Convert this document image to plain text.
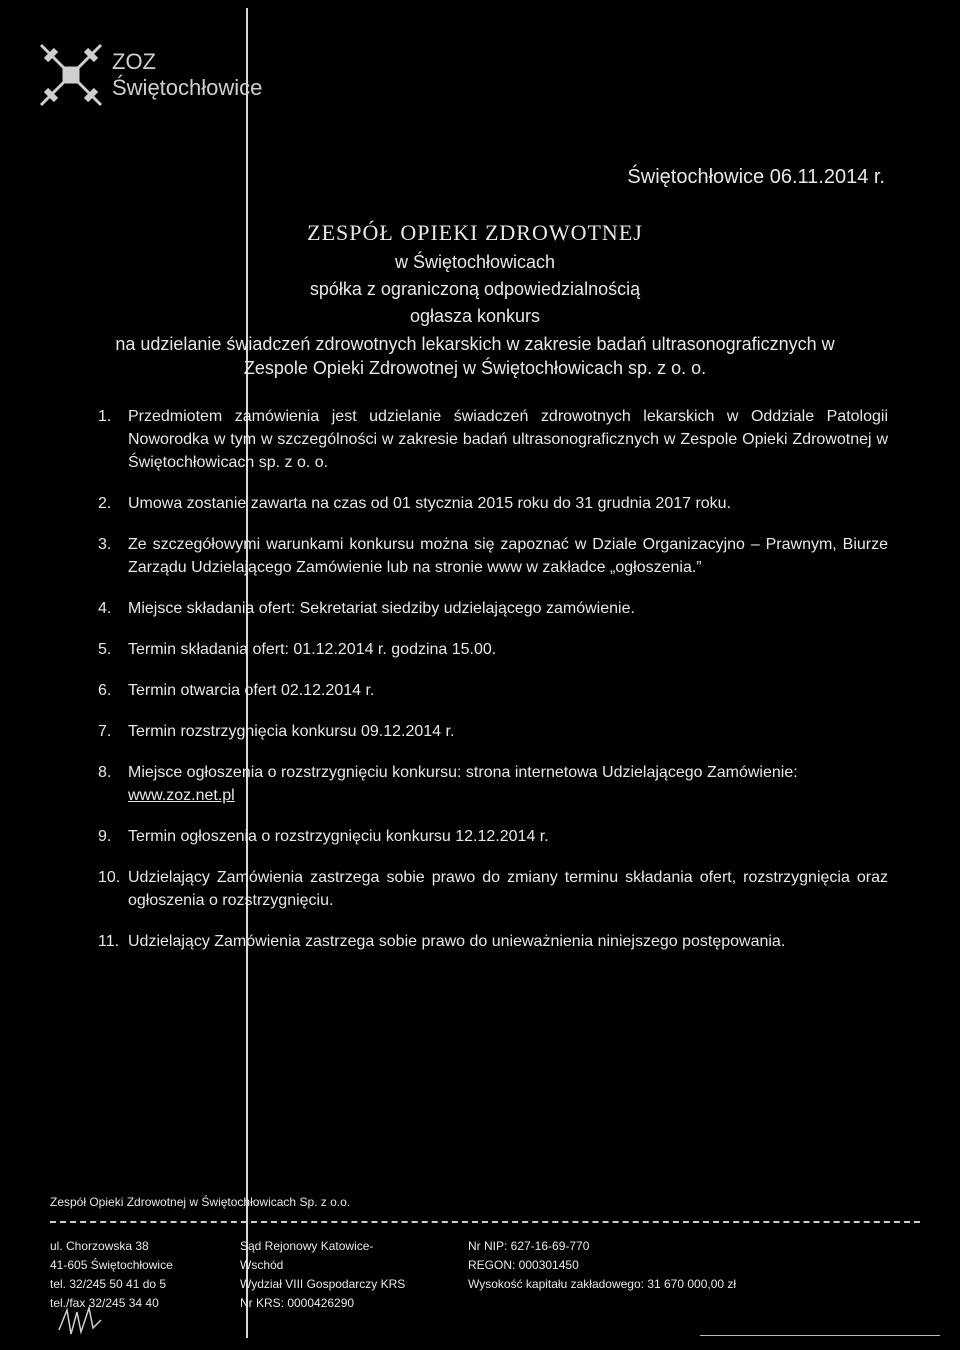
ZOZ
Świętochłowice
Świętochłowice 06.11.2014 r.
ZESPÓŁ OPIEKI ZDROWOTNEJ
w Świętochłowicach
spółka z ograniczoną odpowiedzialnością
ogłasza konkurs
na udzielanie świadczeń zdrowotnych lekarskich w zakresie badań ultrasonograficznych w Zespole Opieki Zdrowotnej w Świętochłowicach sp. z o. o.
1.	Przedmiotem zamówienia jest udzielanie świadczeń zdrowotnych lekarskich w Oddziale Patologii Noworodka w tym w szczególności w zakresie badań ultrasonograficznych w Zespole Opieki Zdrowotnej w Świętochłowicach sp. z o. o.
2.	Umowa zostanie zawarta na czas od 01 stycznia 2015 roku do 31 grudnia 2017 roku.
3.	Ze szczegółowymi warunkami konkursu można się zapoznać w Dziale Organizacyjno – Prawnym, Biurze Zarządu Udzielającego Zamówienie lub na stronie www w zakładce „ogłoszenia.”
4.	Miejsce składania ofert: Sekretariat siedziby udzielającego zamówienie.
5.	Termin składania ofert: 01.12.2014 r. godzina 15.00.
6.	Termin otwarcia ofert 02.12.2014 r.
7.	Termin rozstrzygnięcia konkursu 09.12.2014 r.
8.	Miejsce ogłoszenia o rozstrzygnięciu konkursu: strona internetowa Udzielającego Zamówienie:
www.zoz.net.pl
9.	Termin ogłoszenia o rozstrzygnięciu konkursu 12.12.2014 r.
10. Udzielający Zamówienia zastrzega sobie prawo do zmiany terminu składania ofert, rozstrzygnięcia oraz ogłoszenia o rozstrzygnięciu.
11. Udzielający Zamówienia zastrzega sobie prawo do unieważnienia niniejszego postępowania.
Zespół Opieki Zdrowotnej w Świętochłowicach Sp. z o.o.
ul. Chorzowska 38
41-605 Świętochłowice
tel. 32/245 50 41 do 5
tel./fax 32/245 34 40
Sąd Rejonowy Katowice-
Wschód
Wydział VIII Gospodarczy KRS
Nr KRS: 0000426290
Nr NIP: 627-16-69-770
REGON: 000301450
Wysokość kapitału zakładowego: 31 670 000,00 zł
